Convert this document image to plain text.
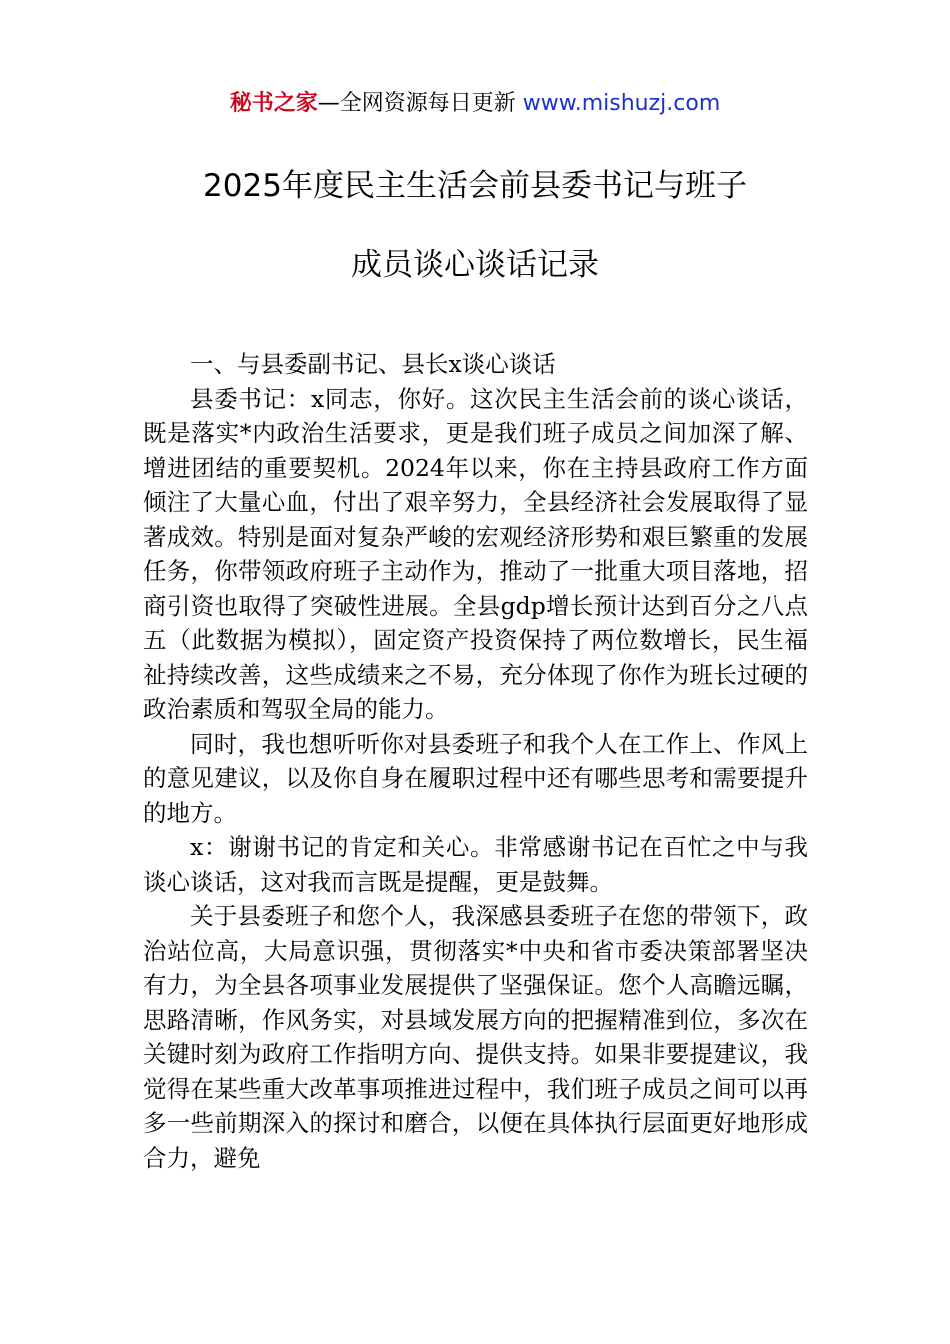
秘书之家—全网资源每日更新 www.mishuzj.com
2025年度民主生活会前县委书记与班子
成员谈心谈话记录

一、与县委副书记、县长x谈心谈话

县委书记：x同志，你好。这次民主生活会前的谈心谈话，既是落实*内政治生活要求，更是我们班子成员之间加深了解、增进团结的重要契机。2024年以来，你在主持县政府工作方面倾注了大量心血，付出了艰辛努力，全县经济社会发展取得了显著成效。特别是面对复杂严峻的宏观经济形势和艰巨繁重的发展任务，你带领政府班子主动作为，推动了一批重大项目落地，招商引资也取得了突破性进展。全县gdp增长预计达到百分之八点五（此数据为模拟），固定资产投资保持了两位数增长，民生福祉持续改善，这些成绩来之不易，充分体现了你作为班长过硬的政治素质和驾驭全局的能力。

同时，我也想听听你对县委班子和我个人在工作上、作风上的意见建议，以及你自身在履职过程中还有哪些思考和需要提升的地方。

x：谢谢书记的肯定和关心。非常感谢书记在百忙之中与我谈心谈话，这对我而言既是提醒，更是鼓舞。

关于县委班子和您个人，我深感县委班子在您的带领下，政治站位高，大局意识强，贯彻落实*中央和省市委决策部署坚决有力，为全县各项事业发展提供了坚强保证。您个人高瞻远瞩，思路清晰，作风务实，对县域发展方向的把握精准到位，多次在关键时刻为政府工作指明方向、提供支持。如果非要提建议，我觉得在某些重大改革事项推进过程中，我们班子成员之间可以再多一些前期深入的探讨和磨合，以便在具体执行层面更好地形成合力，避免
